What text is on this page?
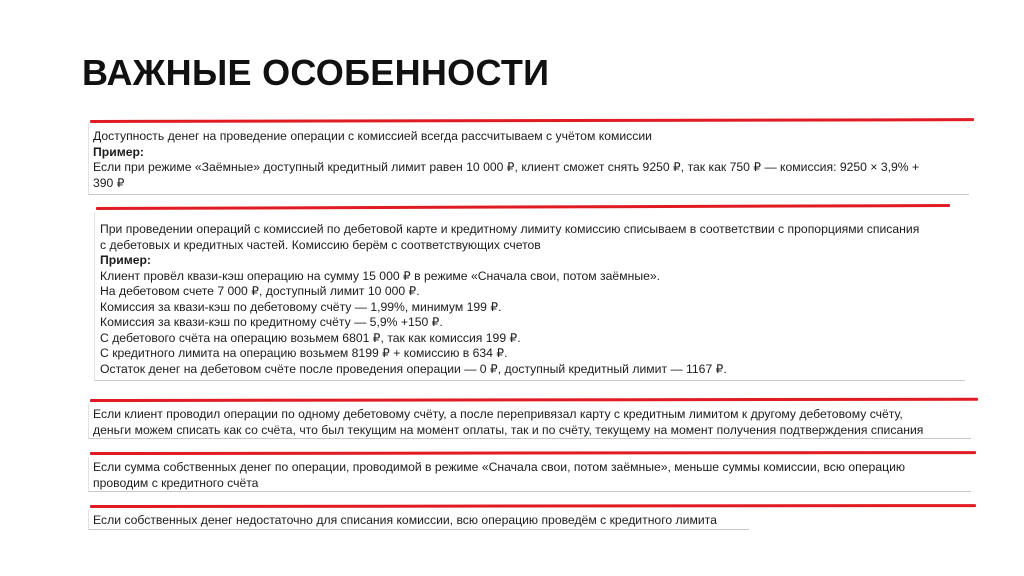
ВАЖНЫЕ ОСОБЕННОСТИ
Доступность денег на проведение операции с комиссией всегда рассчитываем с учётом комиссии
Пример:
Если при режиме «Заёмные» доступный кредитный лимит равен 10 000 ₽, клиент сможет снять 9250 ₽, так как 750 ₽ — комиссия: 9250 × 3,9% +
390 ₽
При проведении операций с комиссией по дебетовой карте и кредитному лимиту комиссию списываем в соответствии с пропорциями списания
с дебетовых и кредитных частей. Комиссию берём с соответствующих счетов
Пример:
Клиент провёл квази-кэш операцию на сумму 15 000 ₽ в режиме «Сначала свои, потом заёмные».
На дебетовом счете 7 000 ₽, доступный лимит 10 000 ₽.
Комиссия за квази-кэш по дебетовому счёту — 1,99%, минимум 199 ₽.
Комиссия за квази-кэш по кредитному счёту — 5,9% +150 ₽.
С дебетового счёта на операцию возьмем 6801 ₽, так как комиссия 199 ₽.
С кредитного лимита на операцию возьмем 8199 ₽ + комиссию в 634 ₽.
Остаток денег на дебетовом счёте после проведения операции — 0 ₽, доступный кредитный лимит — 1167 ₽.
Если клиент проводил операции по одному дебетовому счёту, а после перепривязал карту с кредитным лимитом к другому дебетовому счёту,
деньги можем списать как со счёта, что был текущим на момент оплаты, так и по счёту, текущему на момент получения подтверждения списания
Если сумма собственных денег по операции, проводимой в режиме «Сначала свои, потом заёмные», меньше суммы комиссии, всю операцию
проводим с кредитного счёта
Если собственных денег недостаточно для списания комиссии, всю операцию проведём с кредитного лимита
